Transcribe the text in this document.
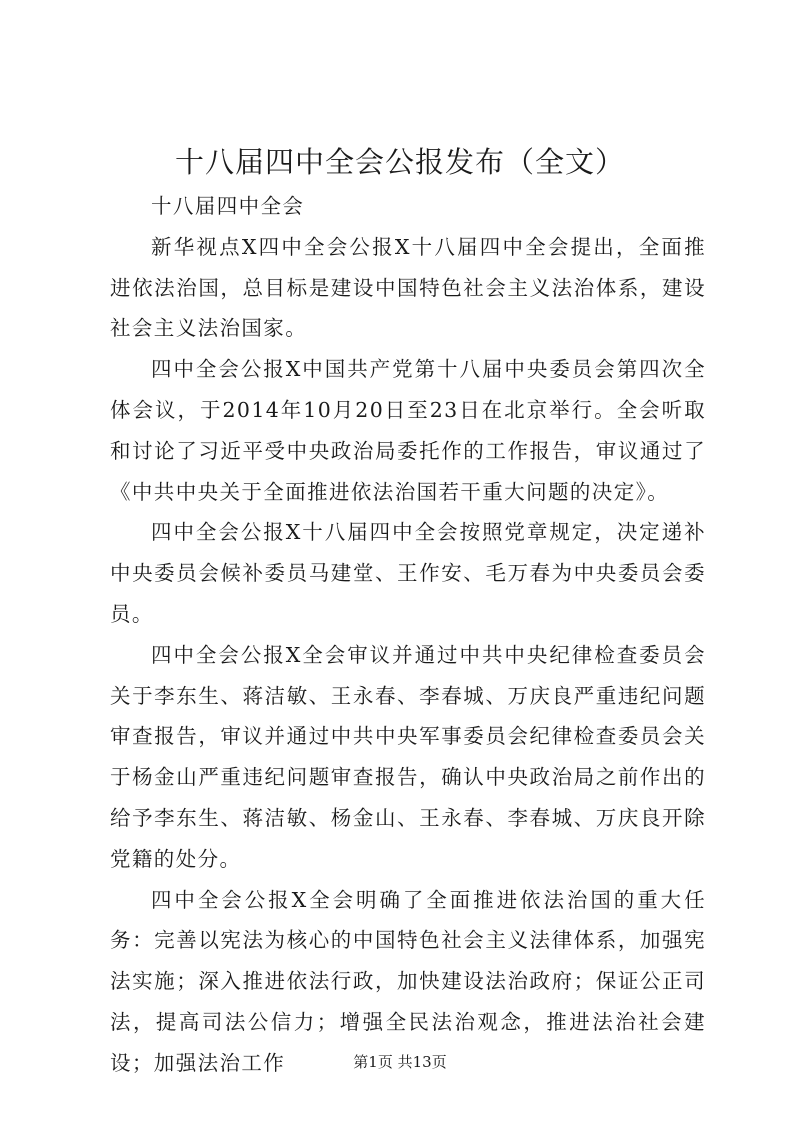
十八届四中全会公报发布（全文）

十八届四中全会

新华视点X四中全会公报X十八届四中全会提出，全面推进依法治国，总目标是建设中国特色社会主义法治体系，建设社会主义法治国家。

四中全会公报X中国共产党第十八届中央委员会第四次全体会议，于2014年10月20日至23日在北京举行。全会听取和讨论了习近平受中央政治局委托作的工作报告，审议通过了《中共中央关于全面推进依法治国若干重大问题的决定》。

四中全会公报X十八届四中全会按照党章规定，决定递补中央委员会候补委员马建堂、王作安、毛万春为中央委员会委员。

四中全会公报X全会审议并通过中共中央纪律检查委员会关于李东生、蒋洁敏、王永春、李春城、万庆良严重违纪问题审查报告，审议并通过中共中央军事委员会纪律检查委员会关于杨金山严重违纪问题审查报告，确认中央政治局之前作出的给予李东生、蒋洁敏、杨金山、王永春、李春城、万庆良开除党籍的处分。

四中全会公报X全会明确了全面推进依法治国的重大任务：完善以宪法为核心的中国特色社会主义法律体系，加强宪法实施；深入推进依法行政，加快建设法治政府；保证公正司法，提高司法公信力；增强全民法治观念，推进法治社会建设；加强法治工作	第1页 共13页
